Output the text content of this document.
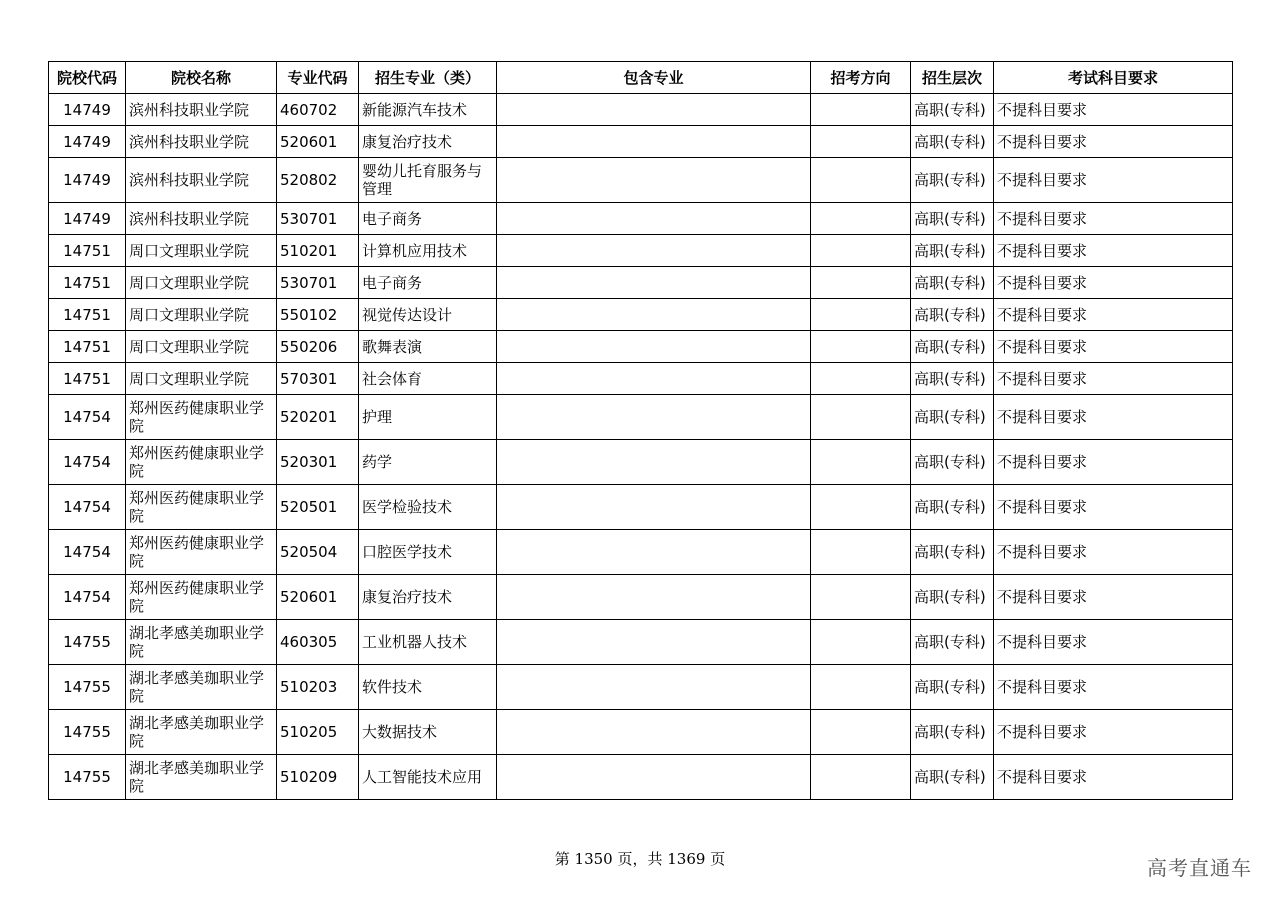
院校代码	院校名称	专业代码	招生专业（类）	包含专业	招考方向	招生层次	考试科目要求
14749	滨州科技职业学院	460702	新能源汽车技术			高职(专科)	不提科目要求
14749	滨州科技职业学院	520601	康复治疗技术			高职(专科)	不提科目要求
14749	滨州科技职业学院	520802	婴幼儿托育服务与管理			高职(专科)	不提科目要求
14749	滨州科技职业学院	530701	电子商务			高职(专科)	不提科目要求
14751	周口文理职业学院	510201	计算机应用技术			高职(专科)	不提科目要求
14751	周口文理职业学院	530701	电子商务			高职(专科)	不提科目要求
14751	周口文理职业学院	550102	视觉传达设计			高职(专科)	不提科目要求
14751	周口文理职业学院	550206	歌舞表演			高职(专科)	不提科目要求
14751	周口文理职业学院	570301	社会体育			高职(专科)	不提科目要求
14754	郑州医药健康职业学院	520201	护理			高职(专科)	不提科目要求
14754	郑州医药健康职业学院	520301	药学			高职(专科)	不提科目要求
14754	郑州医药健康职业学院	520501	医学检验技术			高职(专科)	不提科目要求
14754	郑州医药健康职业学院	520504	口腔医学技术			高职(专科)	不提科目要求
14754	郑州医药健康职业学院	520601	康复治疗技术			高职(专科)	不提科目要求
14755	湖北孝感美珈职业学院	460305	工业机器人技术			高职(专科)	不提科目要求
14755	湖北孝感美珈职业学院	510203	软件技术			高职(专科)	不提科目要求
14755	湖北孝感美珈职业学院	510205	大数据技术			高职(专科)	不提科目要求
14755	湖北孝感美珈职业学院	510209	人工智能技术应用			高职(专科)	不提科目要求
第 1350 页，共 1369 页	高考直通车
